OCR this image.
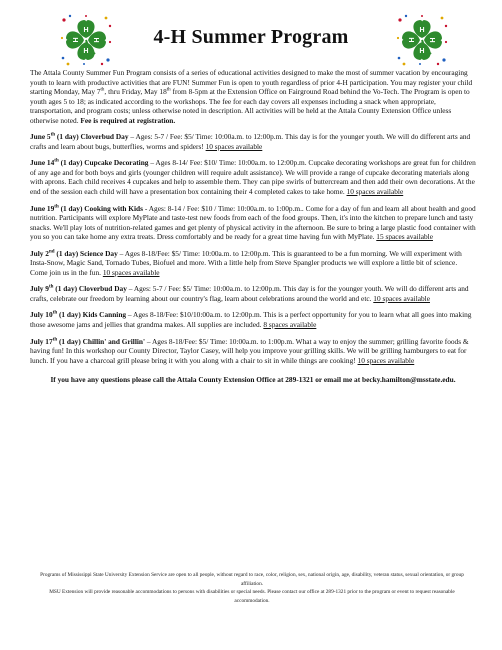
H
H
H
H
H
H
H
H
4-H Summer Program

The Attala County Summer Fun Program consists of a series of educational activities designed to make the most of summer vacation by encouraging youth to learn with productive activities that are FUN! Summer Fun is open to youth regardless of prior 4-H participation. You may register your child starting Monday, May 7th, thru Friday, May 18th from 8-5pm at the Extension Office on Fairground Road behind the Vo-Tech. The Program is open to youth ages 5 to 18; as indicated according to the workshops. The fee for each day covers all expenses including a snack when appropriate, transportation, and program costs; unless otherwise noted in description. All activities will be held at the Attala County Extension Office unless otherwise noted. Fee is required at registration.

June 5th (1 day) Cloverbud Day – Ages: 5-7 / Fee: $5/ Time: 10:00a.m. to 12:00p.m. This day is for the younger youth. We will do different arts and crafts and learn about bugs, butterflies, worms and spiders! 10 spaces available

June 14th (1 day) Cupcake Decorating – Ages 8-14/ Fee: $10/ Time: 10:00a.m. to 12:00p.m. Cupcake decorating workshops are great fun for children of any age and for both boys and girls (younger children will require adult assistance). We will provide a range of cupcake decorating materials along with aprons. Each child receives 4 cupcakes and help to assemble them. They can pipe swirls of buttercream and then add their own decorations. At the end of the session each child will have a presentation box containing their 4 completed cakes to take home. 10 spaces available

June 19th (1 day) Cooking with Kids - Ages: 8-14 / Fee: $10 / Time: 10:00a.m. to 1:00p.m.. Come for a day of fun and learn all about health and good nutrition. Participants will explore MyPlate and taste-test new foods from each of the food groups. Then, it's into the kitchen to prepare lunch and tasty snacks. We'll play lots of nutrition-related games and get plenty of physical activity in the afternoon. Be sure to bring a large plastic food container with you so you can take home any extra treats. Dress comfortably and be ready for a great time having fun with MyPlate. 15 spaces available

July 2nd (1 day) Science Day – Ages 8-18/Fee: $5/ Time: 10:00a.m. to 12:00p.m. This is guaranteed to be a fun morning. We will experiment with Insta-Snow, Magic Sand, Tornado Tubes, Biofuel and more. With a little help from Steve Spangler products we will explore a little bit of science. Come join us in the fun. 10 spaces available

July 9th (1 day) Cloverbud Day – Ages: 5-7 / Fee: $5/ Time: 10:00a.m. to 12:00p.m. This day is for the younger youth. We will do different arts and crafts, celebrate our freedom by learning about our country's flag, learn about celebrations around the world and etc. 10 spaces available

July 10th (1 day) Kids Canning – Ages 8-18/Fee: $10/10:00a.m. to 12:00p.m. This is a perfect opportunity for you to learn what all goes into making those awesome jams and jellies that grandma makes. All supplies are included. 8 spaces available

July 17th (1 day) Chillin' and Grillin' – Ages 8-18/Fee: $5/ Time: 10:00a.m. to 1:00p.m. What a way to enjoy the summer; grilling favorite foods & having fun! In this workshop our County Director, Taylor Casey, will help you improve your grilling skills. We will be grilling hamburgers to eat for lunch. If you have a charcoal grill please bring it with you along with a chair to sit in while things are cooking! 10 spaces available

If you have any questions please call the Attala County Extension Office at 289-1321 or email me at becky.hamilton@msstate.edu.

Programs of Mississippi State University Extension Service are open to all people, without regard to race, color, religion, sex, national origin, age, disability, veteran status, sexual orientation, or group affiliation.
MSU Extension will provide reasonable accommodations to persons with disabilities or special needs. Please contact our office at 289-1321 prior to the program or event to request reasonable accommodation.
